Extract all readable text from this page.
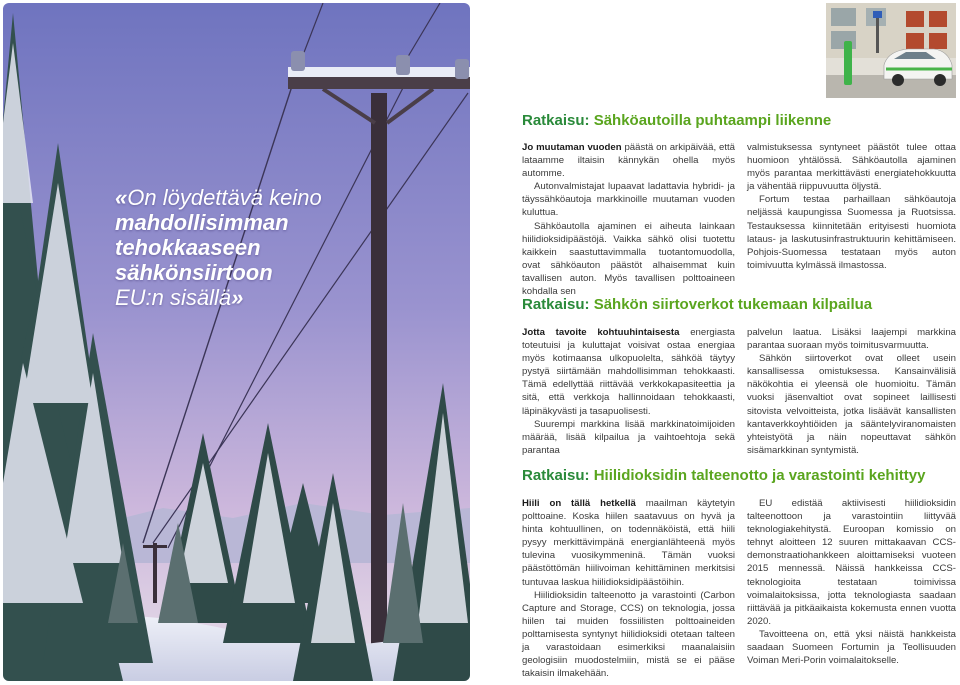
«On löydettävä keino
mahdollisimman
tehokkaaseen
sähkönsiirtoon
EU:n sisällä»
Ratkaisu: Sähköautoilla puhtaampi liikenne

Jo muutaman vuoden päästä on arkipäivää, että lataamme iltaisin kännykän ohella myös automme.

Autonvalmistajat lupaavat ladattavia hybridi- ja täyssähköautoja markkinoille muutaman vuoden kuluttua.

Sähköautolla ajaminen ei aiheuta lainkaan hiilidioksidipäästöjä. Vaikka sähkö olisi tuotettu kaikkein saastuttavimmalla tuotantomuodolla, ovat sähköauton päästöt alhaisemmat kuin tavallisen auton. Myös tavallisen polttoaineen kohdalla sen

valmistuksessa syntyneet päästöt tulee ottaa huomioon yhtälössä. Sähköautolla ajaminen myös parantaa merkittävästi energiatehokkuutta ja vähentää riippuvuutta öljystä.

Fortum testaa parhaillaan sähköautoja neljässä kaupungissa Suomessa ja Ruotsissa. Testauksessa kiinnitetään erityisesti huomiota lataus- ja laskutusinfrastruktuurin kehittämiseen. Pohjois-Suomessa testataan myös auton toimivuutta kylmässä ilmastossa.

Ratkaisu: Sähkön siirtoverkot tukemaan kilpailua

Jotta tavoite kohtuuhintaisesta energiasta toteutuisi ja kuluttajat voisivat ostaa energiaa myös kotimaansa ulkopuolelta, sähköä täytyy pystyä siirtämään mahdollisimman tehokkaasti. Tämä edellyttää riittävää verkkokapasiteettia ja sitä, että verkkoja hallinnoidaan tehokkaasti, läpinäkyvästi ja tasapuolisesti.

Suurempi markkina lisää markkinatoimijoiden määrää, lisää kilpailua ja vaihtoehtoja sekä parantaa

palvelun laatua. Lisäksi laajempi markkina parantaa suoraan myös toimitusvarmuutta.

Sähkön siirtoverkot ovat olleet usein kansallisessa omistuksessa. Kansainvälisiä näkökohtia ei yleensä ole huomioitu. Tämän vuoksi jäsenvaltiot ovat sopineet laillisesti sitovista velvoitteista, jotka lisäävät kansallisten kantaverkkoyhtiöiden ja sääntelyviranomaisten yhteistyötä ja näin nopeuttavat sähkön sisämarkkinan syntymistä.

Ratkaisu: Hiilidioksidin talteenotto ja varastointi kehittyy

Hiili on tällä hetkellä maailman käytetyin polttoaine. Koska hiilen saatavuus on hyvä ja hinta kohtuullinen, on todennäköistä, että hiili pysyy merkittävimpänä energianlähteenä myös tulevina vuosikymmeninä. Tämän vuoksi päästöttömän hiilivoiman kehittäminen merkitsisi tuntuvaa laskua hiilidioksidipäästöihin.

Hiilidioksidin talteenotto ja varastointi (Carbon Capture and Storage, CCS) on teknologia, jossa hiilen tai muiden fossiilisten polttoaineiden polttamisesta syntynyt hiilidioksidi otetaan talteen ja varastoidaan esimerkiksi maanalaisiin geologisiin muodostelmiin, mistä se ei pääse takaisin ilmakehään.

EU edistää aktiivisesti hiilidioksidin talteenottoon ja varastointiin liittyvää teknologiakehitystä. Euroopan komissio on tehnyt aloitteen 12 suuren mittakaavan CCS-demonstraatiohankkeen aloittamiseksi vuoteen 2015 mennessä. Näissä hankkeissa CCS-teknologioita testataan toimivissa voimalaitoksissa, jotta teknologiasta saadaan riittävää ja pitkäaikaista kokemusta ennen vuotta 2020.

Tavoitteena on, että yksi näistä hankkeista saadaan Suomeen Fortumin ja Teollisuuden Voiman Meri-Porin voimalaitokselle.
